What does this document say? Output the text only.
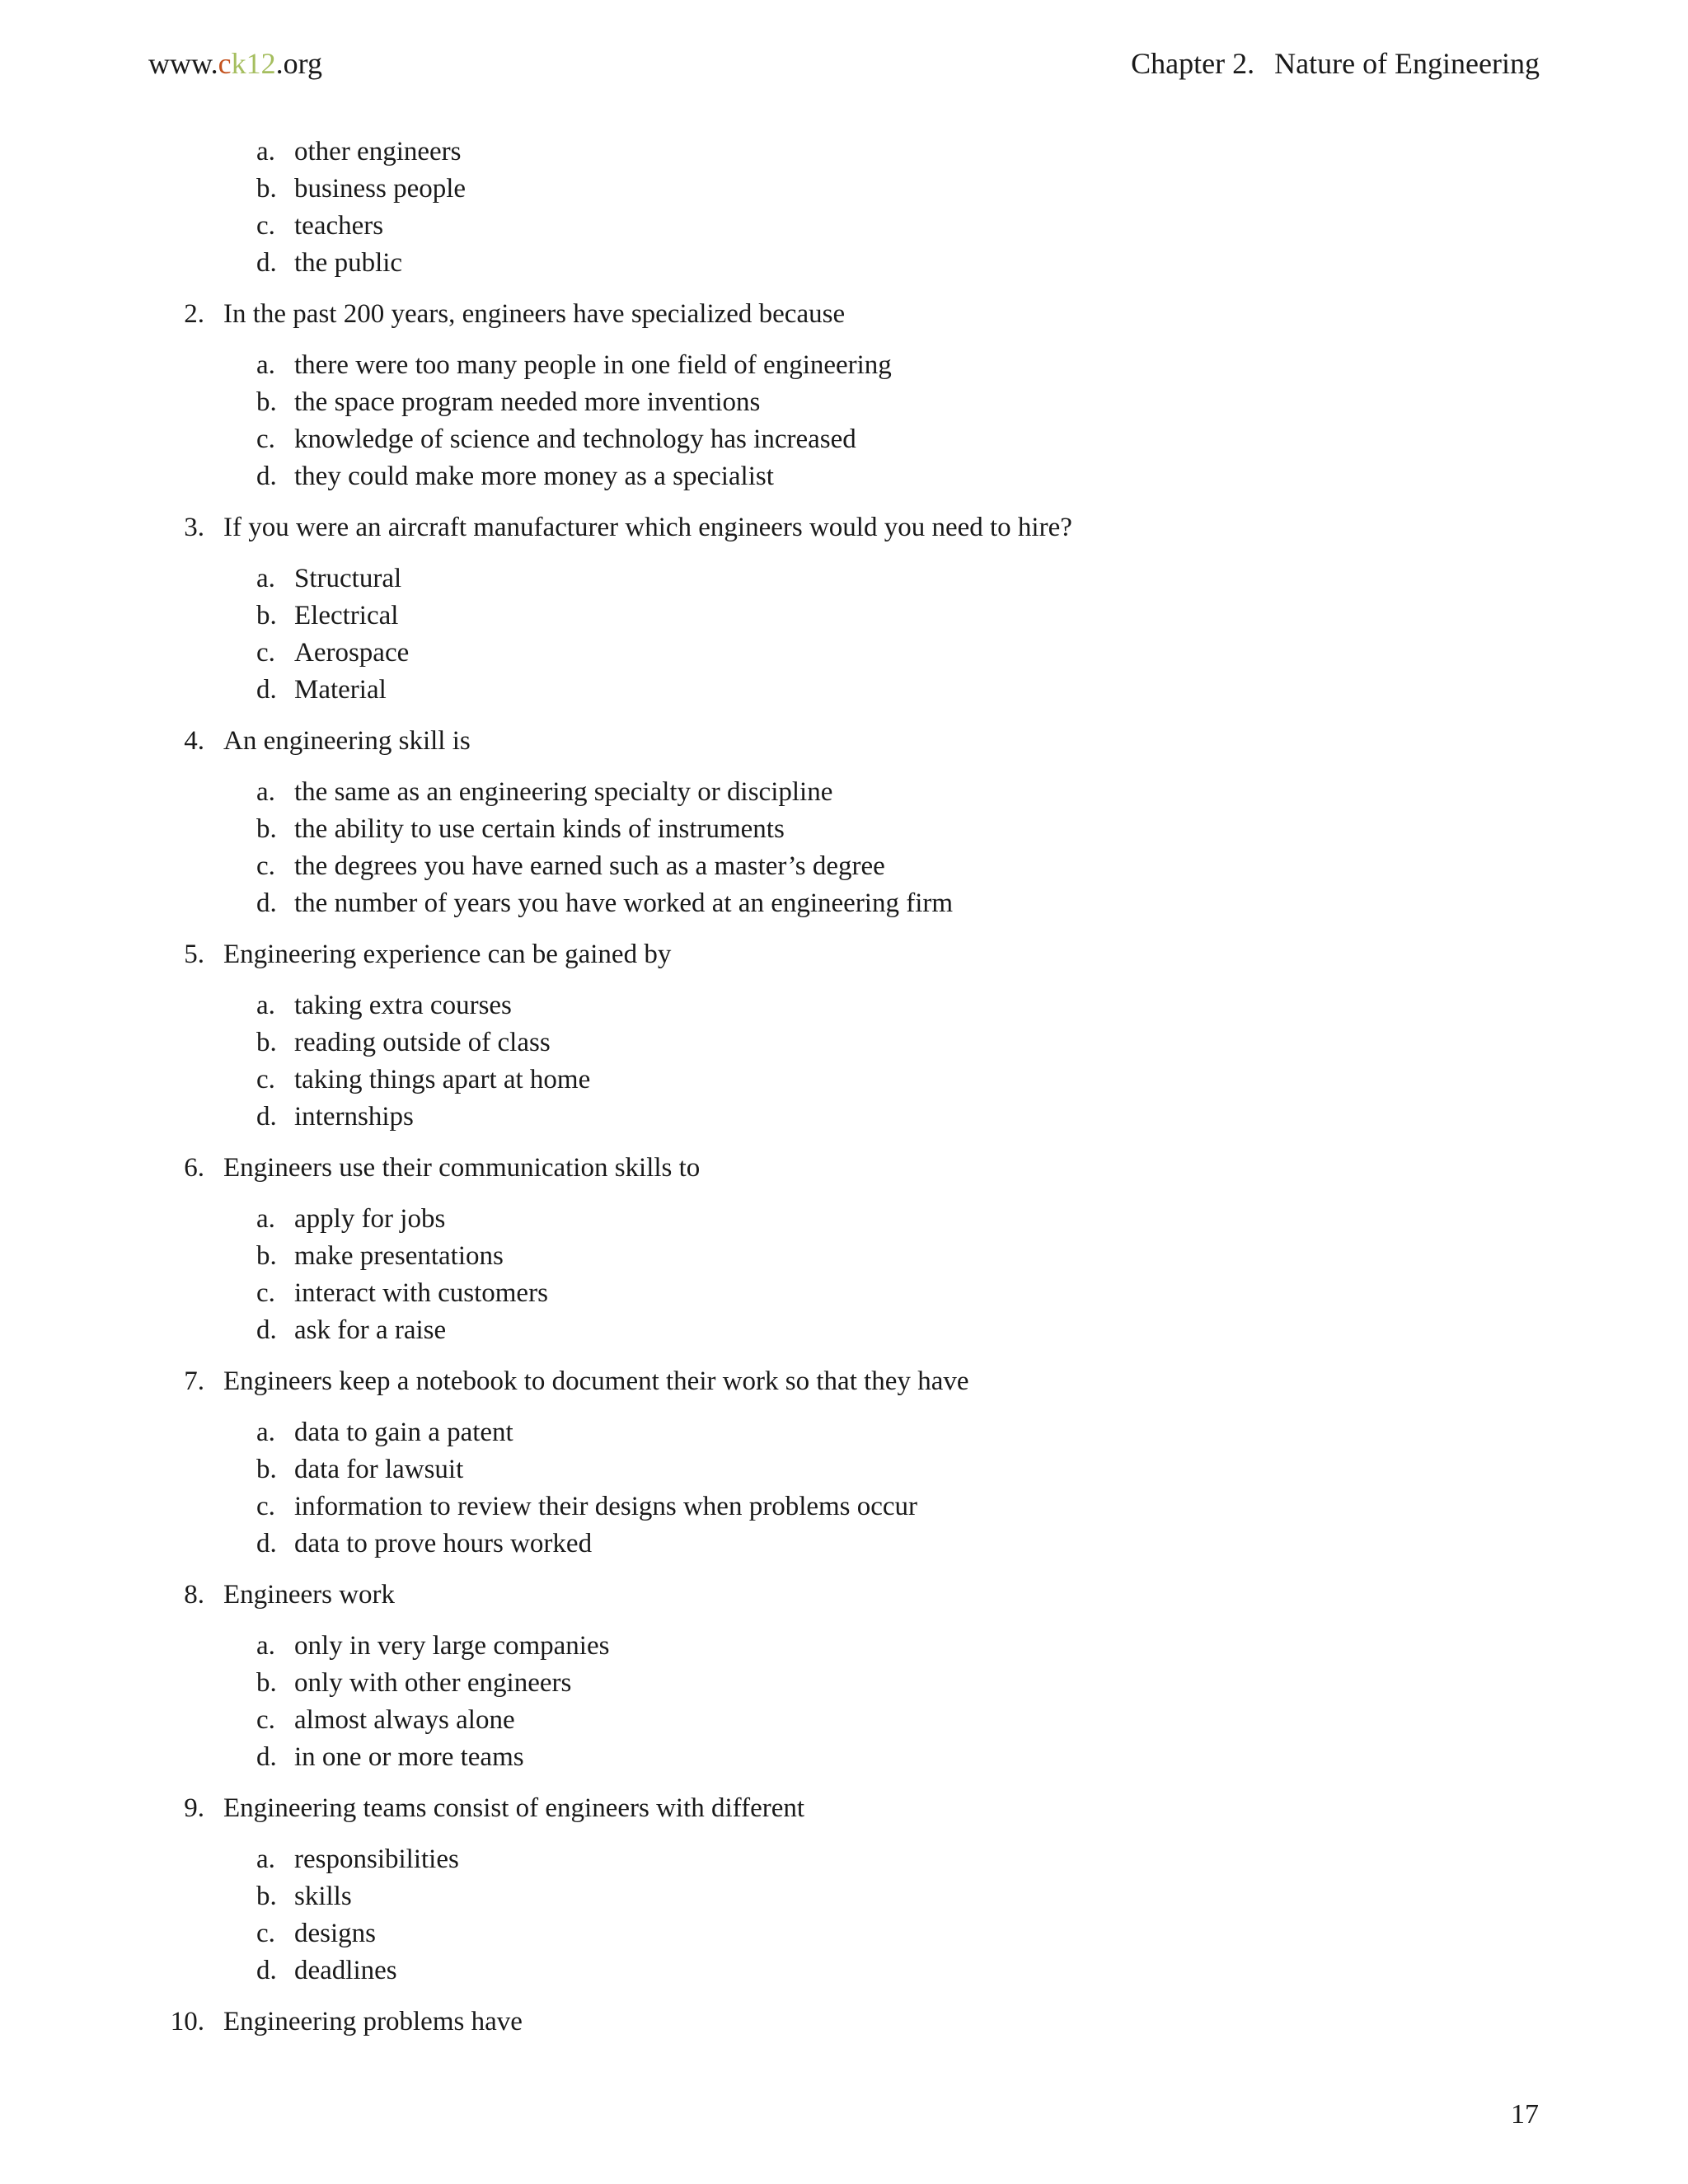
www.ck12.org	Chapter 2. Nature of Engineering
a. other engineers
b. business people
c. teachers
d. the public
2. In the past 200 years, engineers have specialized because
a. there were too many people in one field of engineering
b. the space program needed more inventions
c. knowledge of science and technology has increased
d. they could make more money as a specialist
3. If you were an aircraft manufacturer which engineers would you need to hire?
a. Structural
b. Electrical
c. Aerospace
d. Material
4. An engineering skill is
a. the same as an engineering specialty or discipline
b. the ability to use certain kinds of instruments
c. the degrees you have earned such as a master’s degree
d. the number of years you have worked at an engineering firm
5. Engineering experience can be gained by
a. taking extra courses
b. reading outside of class
c. taking things apart at home
d. internships
6. Engineers use their communication skills to
a. apply for jobs
b. make presentations
c. interact with customers
d. ask for a raise
7. Engineers keep a notebook to document their work so that they have
a. data to gain a patent
b. data for lawsuit
c. information to review their designs when problems occur
d. data to prove hours worked
8. Engineers work
a. only in very large companies
b. only with other engineers
c. almost always alone
d. in one or more teams
9. Engineering teams consist of engineers with different
a. responsibilities
b. skills
c. designs
d. deadlines
10. Engineering problems have
17
